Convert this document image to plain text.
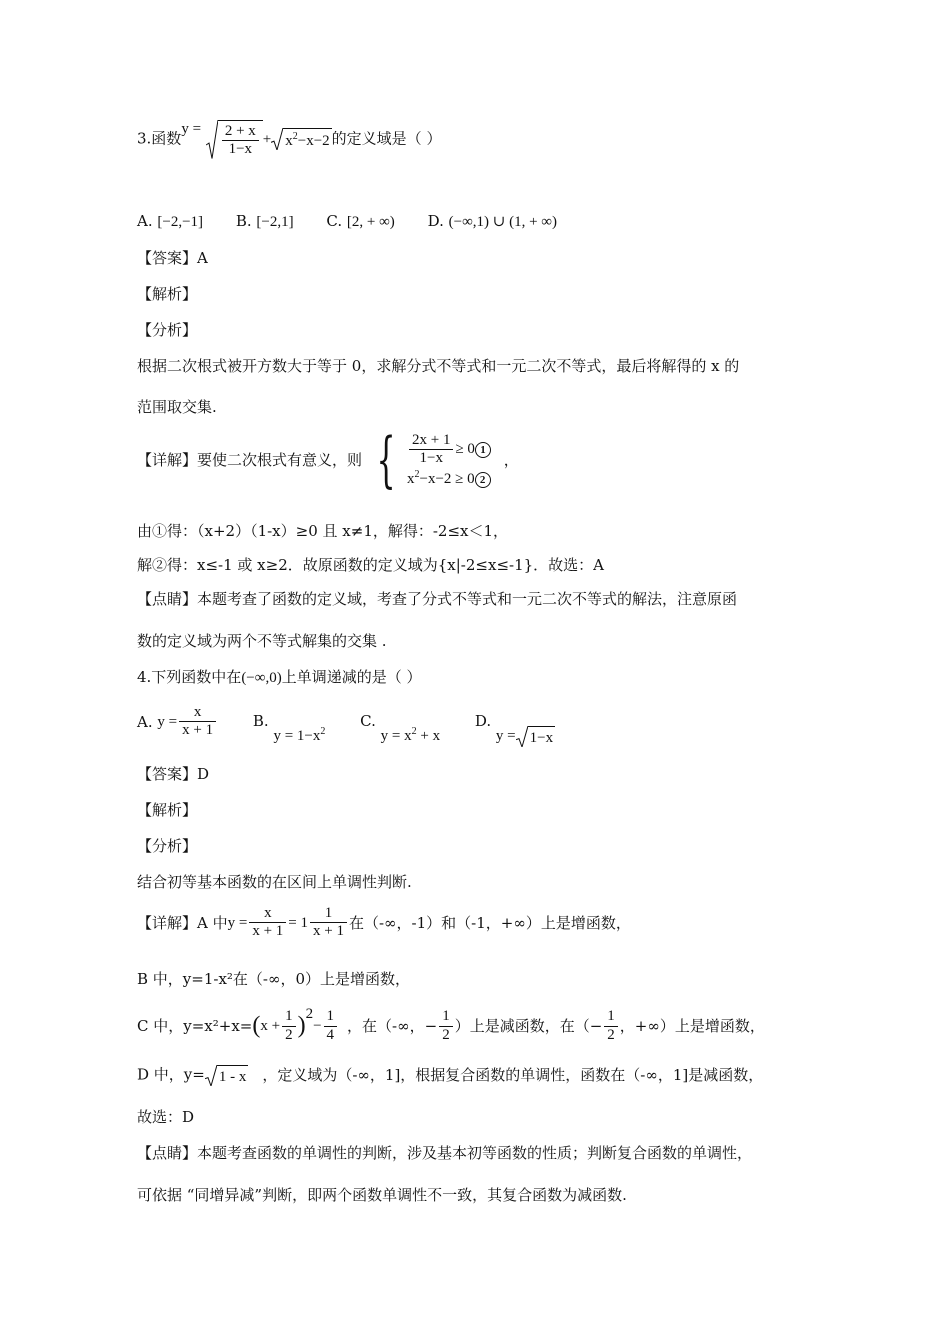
3.函数$y = \frac{2 + x}{1-x} + x^2-x-2$ 的定义域是（ ）
A. [−2,−1] B. [−2,1] C. [2, + ∞) D. (−∞,1) ∪ (1, + ∞)
【答案】A
【解析】
【分析】
根据二次根式被开方数大于等于 0，求解分式不等式和一元二次不等式，最后将解得的 x 的
范围取交集.
【详解】要使二次根式有意义，则 { $\frac{2x + 1}{1-x} \ge 0$ 1
$x^2-x-2 \ge 0$ 2
，
由①得：（x+2）（1-x）≥0 且 x≠1，解得：-2≤x＜1，
解②得：x≤-1 或 x≥2．故原函数的定义域为{x|-2≤x≤-1}．故选：A
【点睛】本题考查了函数的定义域，考查了分式不等式和一元二次不等式的解法，注意原函
数的定义域为两个不等式解集的交集 .
4.下列函数中在(−∞,0)上单调递减的是（ ）
A. $y = \frac{x}{x + 1} B$. $y = 1-x^2$ C. $y = x^2 + x$ D. y = 1−x
【答案】D
【解析】
【分析】
结合初等基本函数的在区间上单调性判断.
【详解】A 中$y = \frac{x}{x + 1} = 1 \frac{1}{x + 1}$ 在（-∞，-1）和（-1，+∞）上是增函数，
B 中，y=1-x²在（-∞，0）上是增函数，
C 中，$y=x^2+x=(x + \frac{1}{2} )^2- \frac{1}{4}$ ，在（-∞，− $\frac{1}{2}$ ）上是减函数，在（− $\frac{1}{2}$ ，+∞）上是增函数，
D 中，y= 1 - x ，定义域为（-∞，1]，根据复合函数的单调性，函数在（-∞，1]是减函数，
故选：D
【点睛】本题考查函数的单调性的判断，涉及基本初等函数的性质；判断复合函数的单调性，
可依据 “同增异减”判断，即两个函数单调性不一致，其复合函数为减函数.
